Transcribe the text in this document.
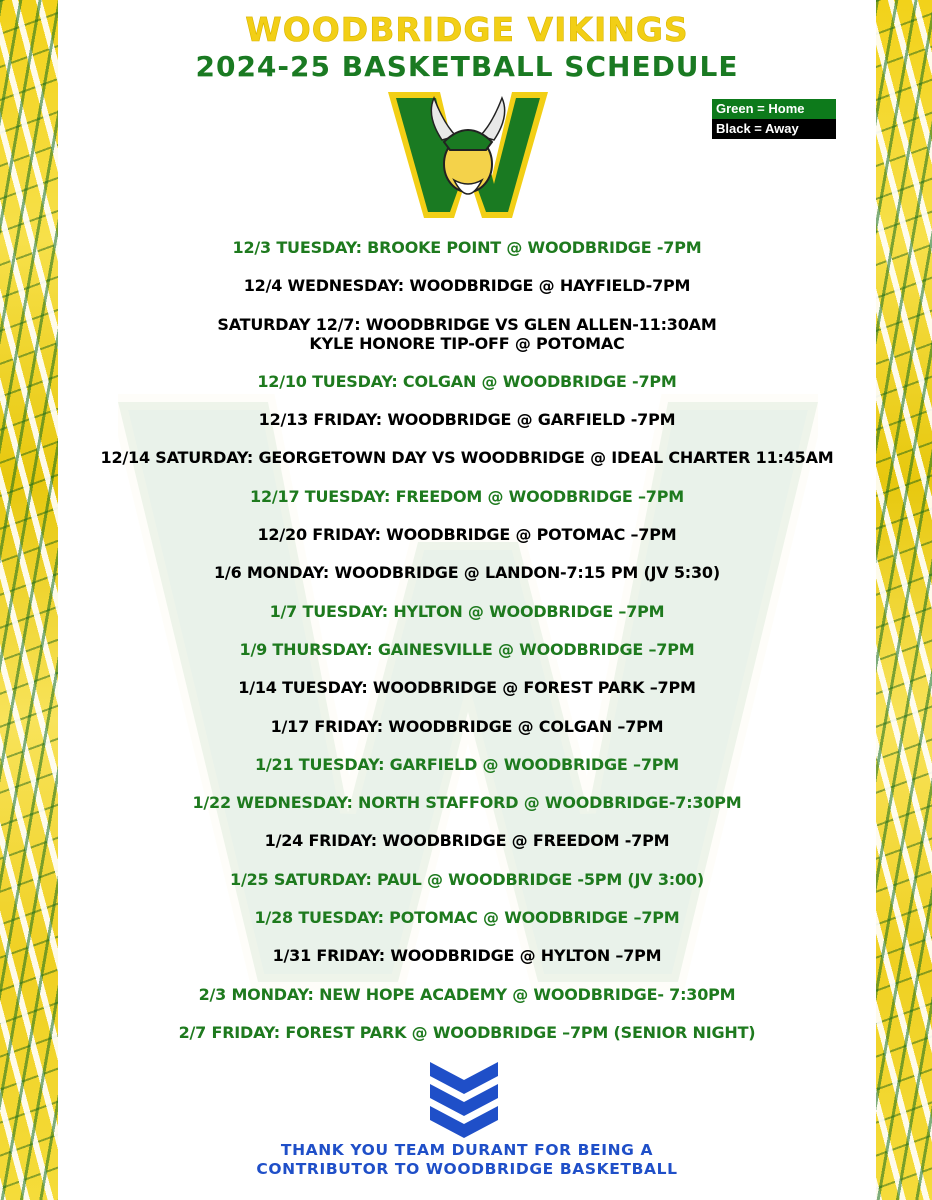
WOODBRIDGE VIKINGS
2024-25 BASKETBALL SCHEDULE
Green = Home
Black = Away
12/3 TUESDAY: BROOKE POINT @ WOODBRIDGE -7PM
12/4 WEDNESDAY: WOODBRIDGE @ HAYFIELD-7PM
SATURDAY 12/7: WOODBRIDGE VS GLEN ALLEN-11:30AM
KYLE HONORE TIP-OFF @ POTOMAC
12/10 TUESDAY: COLGAN @ WOODBRIDGE -7PM
12/13 FRIDAY: WOODBRIDGE @ GARFIELD -7PM
12/14 SATURDAY: GEORGETOWN DAY VS WOODBRIDGE @ IDEAL CHARTER 11:45AM
12/17 TUESDAY: FREEDOM @ WOODBRIDGE –7PM
12/20 FRIDAY: WOODBRIDGE @ POTOMAC –7PM
1/6 MONDAY: WOODBRIDGE @ LANDON-7:15 PM (JV 5:30)
1/7 TUESDAY: HYLTON @ WOODBRIDGE –7PM
1/9 THURSDAY: GAINESVILLE @ WOODBRIDGE –7PM
1/14 TUESDAY: WOODBRIDGE @ FOREST PARK –7PM
1/17 FRIDAY: WOODBRIDGE @ COLGAN –7PM
1/21 TUESDAY: GARFIELD @ WOODBRIDGE –7PM
1/22 WEDNESDAY: NORTH STAFFORD @ WOODBRIDGE-7:30PM
1/24 FRIDAY: WOODBRIDGE @ FREEDOM -7PM
1/25 SATURDAY: PAUL @ WOODBRIDGE -5PM (JV 3:00)
1/28 TUESDAY: POTOMAC @ WOODBRIDGE –7PM
1/31 FRIDAY: WOODBRIDGE @ HYLTON –7PM
2/3 MONDAY: NEW HOPE ACADEMY @ WOODBRIDGE- 7:30PM
2/7 FRIDAY: FOREST PARK @ WOODBRIDGE –7PM (SENIOR NIGHT)
THANK YOU TEAM DURANT FOR BEING A
CONTRIBUTOR TO WOODBRIDGE BASKETBALL
